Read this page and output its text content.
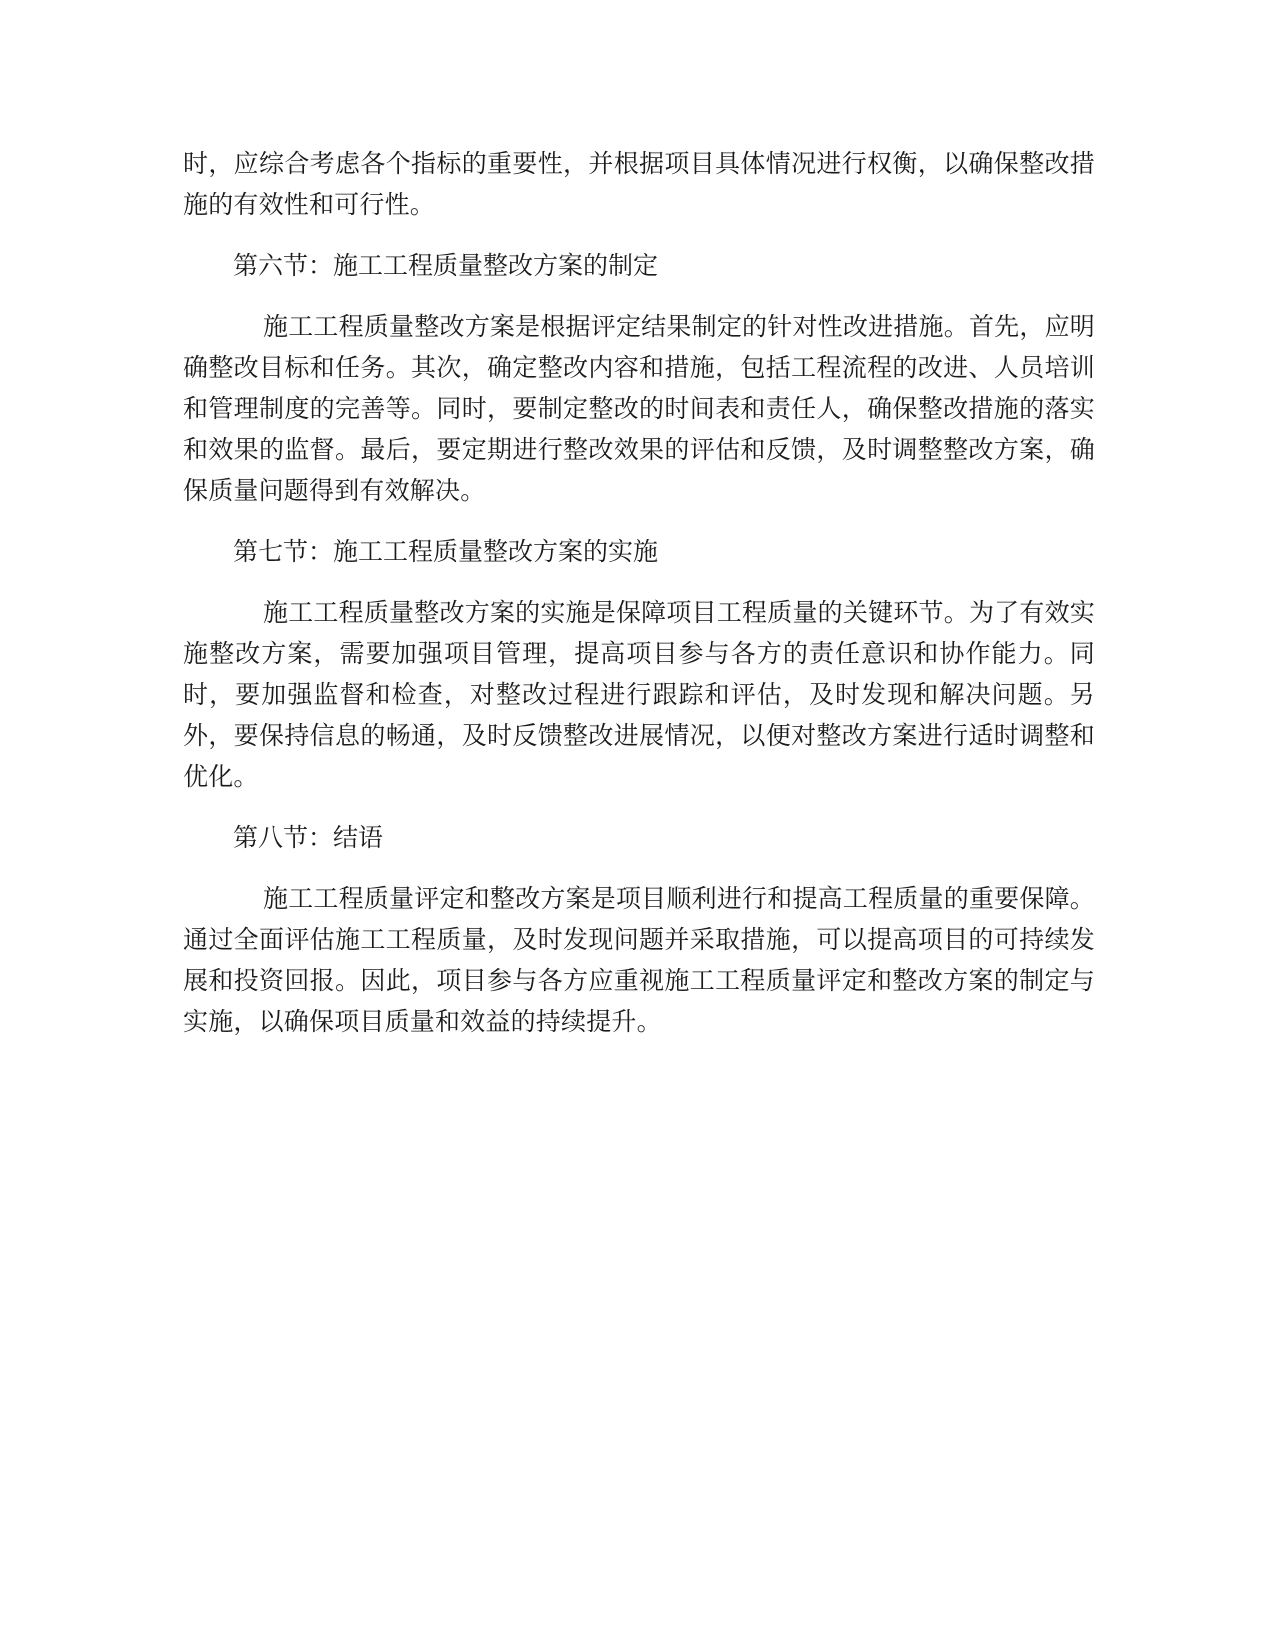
时，应综合考虑各个指标的重要性，并根据项目具体情况进行权衡，以确保整改措施的有效性和可行性。

第六节：施工工程质量整改方案的制定

施工工程质量整改方案是根据评定结果制定的针对性改进措施。首先，应明确整改目标和任务。其次，确定整改内容和措施，包括工程流程的改进、人员培训和管理制度的完善等。同时，要制定整改的时间表和责任人，确保整改措施的落实和效果的监督。最后，要定期进行整改效果的评估和反馈，及时调整整改方案，确保质量问题得到有效解决。

第七节：施工工程质量整改方案的实施

施工工程质量整改方案的实施是保障项目工程质量的关键环节。为了有效实施整改方案，需要加强项目管理，提高项目参与各方的责任意识和协作能力。同时，要加强监督和检查，对整改过程进行跟踪和评估，及时发现和解决问题。另外，要保持信息的畅通，及时反馈整改进展情况，以便对整改方案进行适时调整和优化。

第八节：结语

施工工程质量评定和整改方案是项目顺利进行和提高工程质量的重要保障。通过全面评估施工工程质量，及时发现问题并采取措施，可以提高项目的可持续发展和投资回报。因此，项目参与各方应重视施工工程质量评定和整改方案的制定与实施，以确保项目质量和效益的持续提升。
